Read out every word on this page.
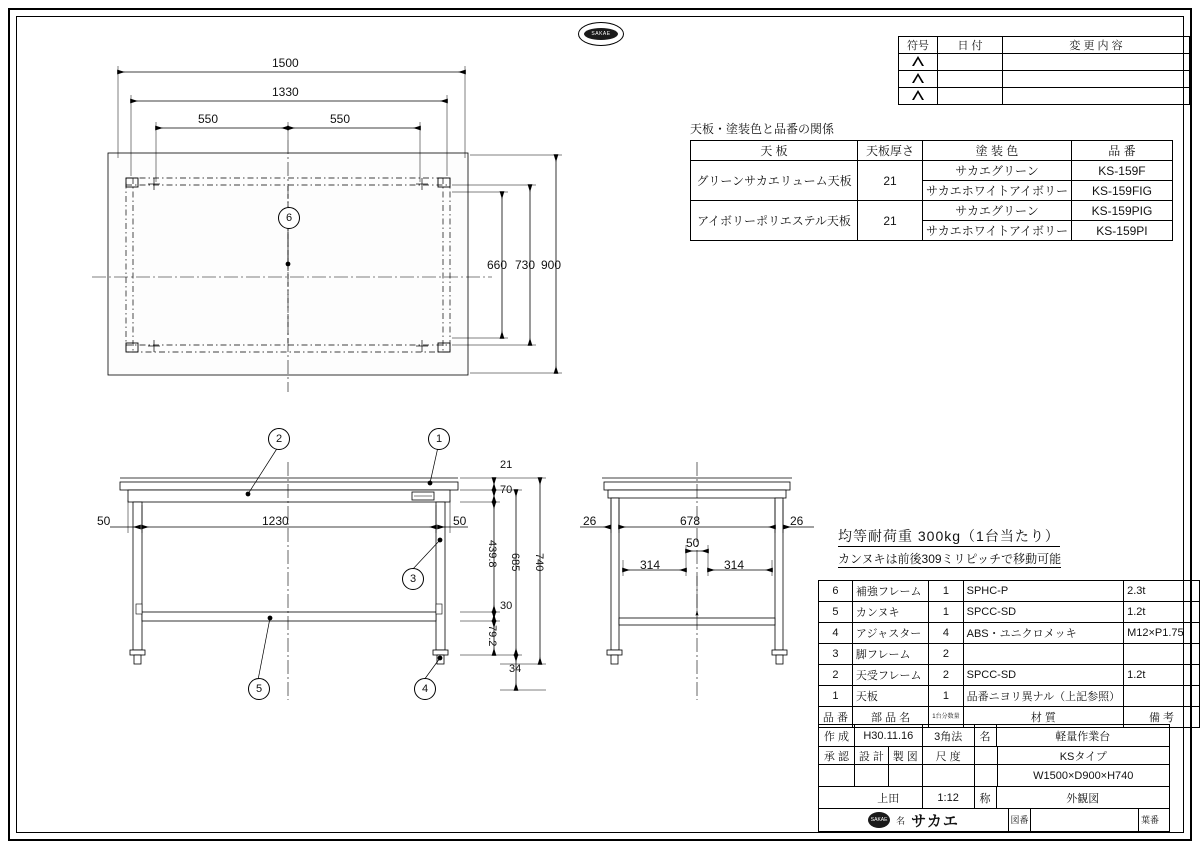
SAKAE
符号	日 付	変 更 内 容

天板・塗装色と品番の関係
天 板	天板厚さ	塗 装 色	品 番
グリーンサカエリューム天板	21	サカエグリーン	KS-159F
		サカエホワイトアイボリー	KS-159FIG
アイボリーポリエステル天板	21	サカエグリーン	KS-159PIG
		サカエホワイトアイボリー	KS-159PI
均等耐荷重 300kg（1台当たり）
カンヌキは前後309ミリピッチで移動可能
6	補強フレーム	1	SPHC-P	2.3t
5	カンヌキ	1	SPCC-SD	1.2t
4	アジャスター	4	ABS・ユニクロメッキ	M12×P1.75
3	脚フレーム	2		
2	天受フレーム	2	SPCC-SD	1.2t
1	天板	1	品番ニヨリ異ナル（上記参照）	
品 番	部 品 名	1台分数量	材 質	備 考
作 成	H30.11.16	3角法	名	軽量作業台
承 認 設 計 製 図	尺 度	KSタイプ
W1500×D900×H740
上田	1:12	称	外観図
SAKAE 名 サカエ	図番	葉番
6
2	1
3
5	4
1500
1330
550	550
900
730
660
21
70
50	1230	50
439.8 685 740
30
79.2
34
26	678	26
50
314	314
